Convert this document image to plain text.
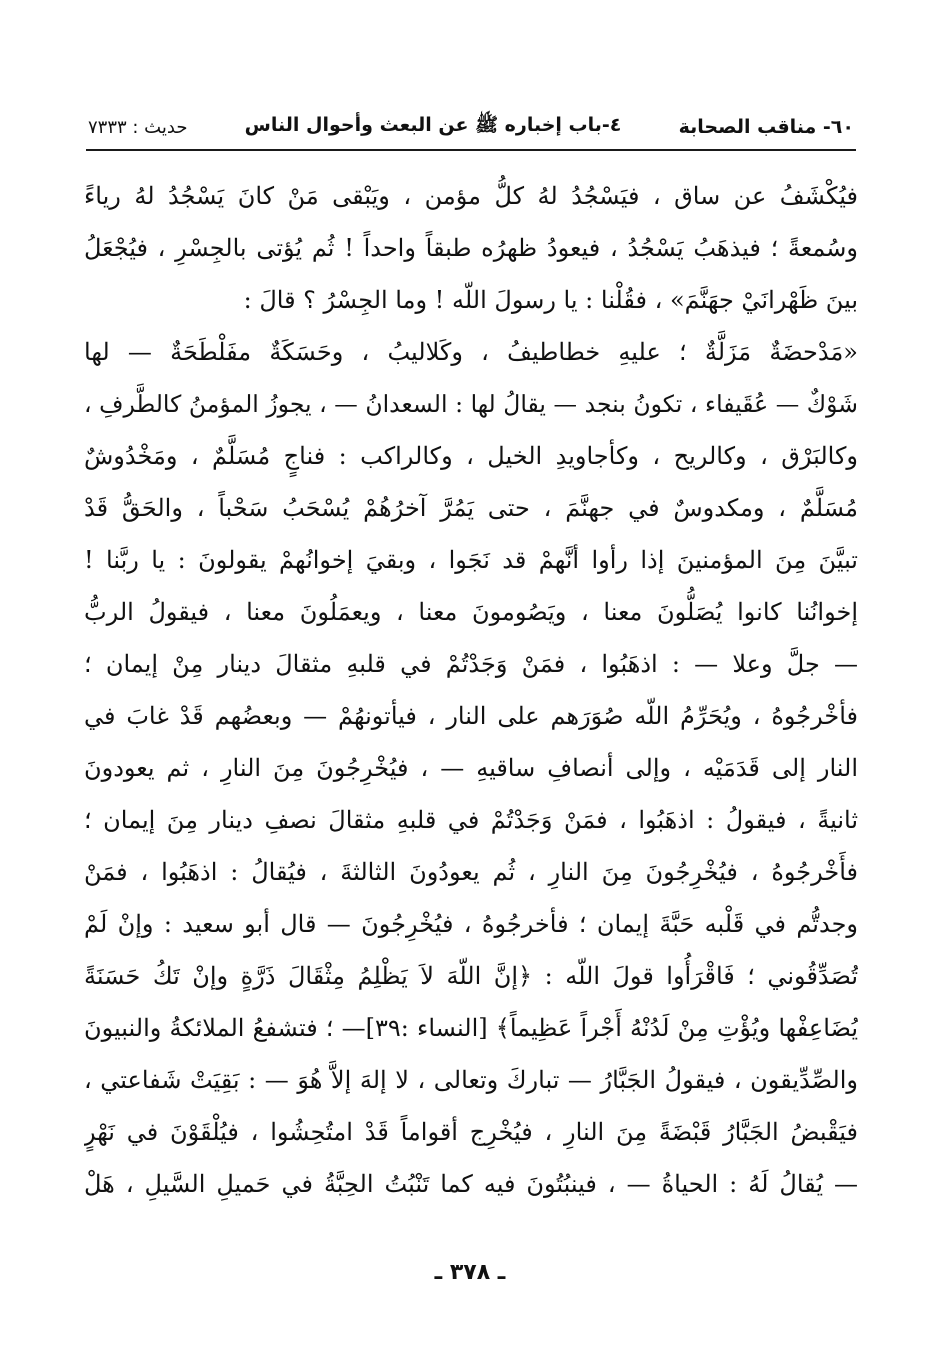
٦٠- مناقب الصحابة
٤-باب إخباره ﷺ عن البعث وأحوال الناس
حديث : ٧٣٣٣
فيُكْشَفُ عن ساق ، فيَسْجُدُ لهُ كلُّ مؤمن ، ويَبْقى مَنْ كانَ يَسْجُدُ لهُ رياءً
وسُمعةً ؛ فيذهَبُ يَسْجُدُ ، فيعودُ ظهرُه طبقاً واحداً ! ثُم يُؤتى بالجِسْرِ ، فيُجْعَلُ
بينَ ظَهْرانَيْ جهَنَّمَ» ، فقُلْنا : يا رسولَ اللّه ! وما الجِسْرُ ؟ قالَ :
«مَدْحضَةٌ مَزَلَّةٌ ؛ عليهِ خطاطيفُ ، وكَلاليبُ ، وحَسَكَةٌ مفَلْطَحَةٌ — لها
شَوْكٌ — عُقَيفاء ، تكونُ بنجد — يقالُ لها : السعدانُ — ، يجوزُ المؤمنُ كالطَّرفِ ،
وكالبَرْق ، وكالريح ، وكأجاويدِ الخيل ، وكالراكب : فناجٍ مُسَلَّمٌ ، ومَخْدُوشٌ
مُسَلَّمٌ ، ومكدوسٌ في جهنَّمَ ، حتى يَمُرَّ آخرُهُمْ يُسْحَبُ سَحْباً ، والحَقُّ قَدْ
تبيَّنَ مِنَ المؤمنينَ إذا رأوا أنَّهمْ قد نَجَوا ، وبقيَ إخوانُهمْ يقولونَ : يا ربَّنا !
إخوانُنا كانوا يُصَلُّونَ معنا ، ويَصُومونَ معنا ، ويعمَلُونَ معنا ، فيقولُ الربُّ
— جلَّ وعلا — : اذهَبُوا ، فمَنْ وَجَدْتُمْ في قلبهِ مثقالَ دينار مِنْ إيمان ؛
فأخْرجُوهُ ، ويُحَرِّمُ اللّه صُوَرَهم على النار ، فيأتونهُمْ — وبعضُهم قَدْ غابَ في
النار إلى قَدَمَيْه ، وإلى أنصافِ ساقيهِ — ، فيُخْرِجُونَ مِنَ النارِ ، ثم يعودونَ
ثانيةً ، فيقولُ : اذهَبُوا ، فمَنْ وَجَدْتُمْ في قلبهِ مثقالَ نصفِ دينار مِنَ إيمان ؛
فأَخْرجُوهُ ، فيُخْرِجُونَ مِنَ النارِ ، ثُم يعودُونَ الثالثةَ ، فيُقالُ : اذهَبُوا ، فمَنْ
وجدتُّم في قَلْبه حَبَّةَ إيمان ؛ فأخرجُوهُ ، فيُخْرِجُونَ — قال أبو سعيد : وإنْ لَمْ
تُصَدِّقُوني ؛ فَاقْرَأُوا قولَ اللّه : ﴿إنَّ اللّهَ لاَ يَظْلِمُ مِثْقَالَ ذَرَّةٍ وإنْ تَكُ حَسَنَةً
يُضَاعِفْها ويُؤْتِ مِنْ لَدُنْهُ أَجْراً عَظِيماً﴾ [النساء :٣٩]— ؛ فتشفعُ الملائكةُ والنبيونَ
والصِّدِّيقون ، فيقولُ الجَبَّارُ — تباركَ وتعالى ، لا إلهَ إلاَّ هُوَ — : بَقِيَتْ شَفاعتي ،
فيَقْبضُ الجَبَّارُ قَبْضَةً مِنَ النارِ ، فيُخْرِج أقواماً قَدْ امتُحِشُوا ، فيُلْقَوْنَ في نَهْرٍ
— يُقالُ لَهُ : الحياةُ — ، فينبُتُونَ فيه كما تَنْبُتُ الحِبَّةُ في حَميلِ السَّيلِ ، هَلْ
ـ ٣٧٨ ـ
